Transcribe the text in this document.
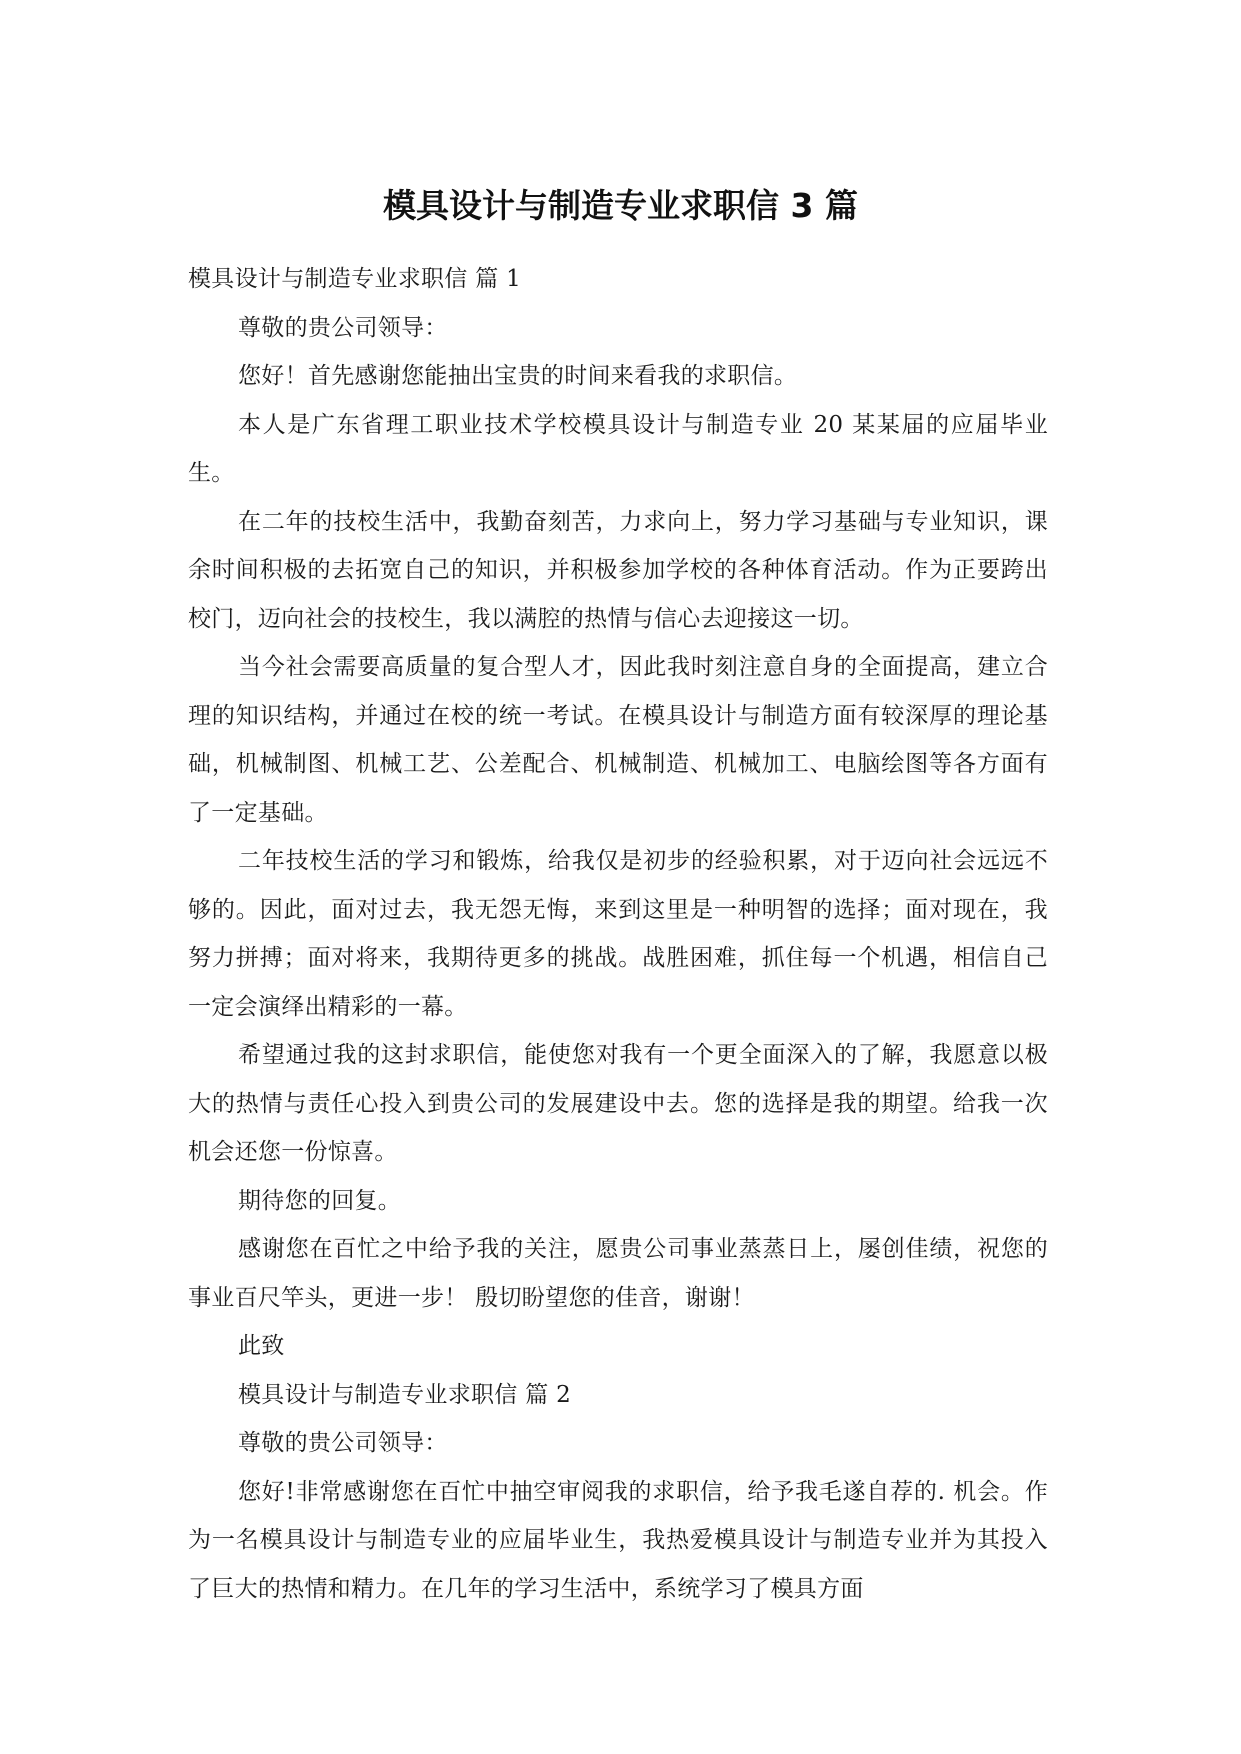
模具设计与制造专业求职信 3 篇

模具设计与制造专业求职信 篇 1

尊敬的贵公司领导：

您好！首先感谢您能抽出宝贵的时间来看我的求职信。

本人是广东省理工职业技术学校模具设计与制造专业 20 某某届的应届毕业生。

在二年的技校生活中，我勤奋刻苦，力求向上，努力学习基础与专业知识，课余时间积极的去拓宽自己的知识，并积极参加学校的各种体育活动。作为正要跨出校门，迈向社会的技校生，我以满腔的热情与信心去迎接这一切。

当今社会需要高质量的复合型人才，因此我时刻注意自身的全面提高，建立合理的知识结构，并通过在校的统一考试。在模具设计与制造方面有较深厚的理论基础，机械制图、机械工艺、公差配合、机械制造、机械加工、电脑绘图等各方面有了一定基础。

二年技校生活的学习和锻炼，给我仅是初步的经验积累，对于迈向社会远远不够的。因此，面对过去，我无怨无悔，来到这里是一种明智的选择；面对现在，我努力拼搏；面对将来，我期待更多的挑战。战胜困难，抓住每一个机遇，相信自己一定会演绎出精彩的一幕。

希望通过我的这封求职信，能使您对我有一个更全面深入的了解，我愿意以极大的热情与责任心投入到贵公司的发展建设中去。您的选择是我的期望。给我一次机会还您一份惊喜。

期待您的回复。

感谢您在百忙之中给予我的关注，愿贵公司事业蒸蒸日上，屡创佳绩，祝您的事业百尺竿头，更进一步！ 殷切盼望您的佳音，谢谢！

此致

模具设计与制造专业求职信 篇 2

尊敬的贵公司领导：

您好!非常感谢您在百忙中抽空审阅我的求职信，给予我毛遂自荐的. 机会。作为一名模具设计与制造专业的应届毕业生，我热爱模具设计与制造专业并为其投入了巨大的热情和精力。在几年的学习生活中，系统学习了模具方面
